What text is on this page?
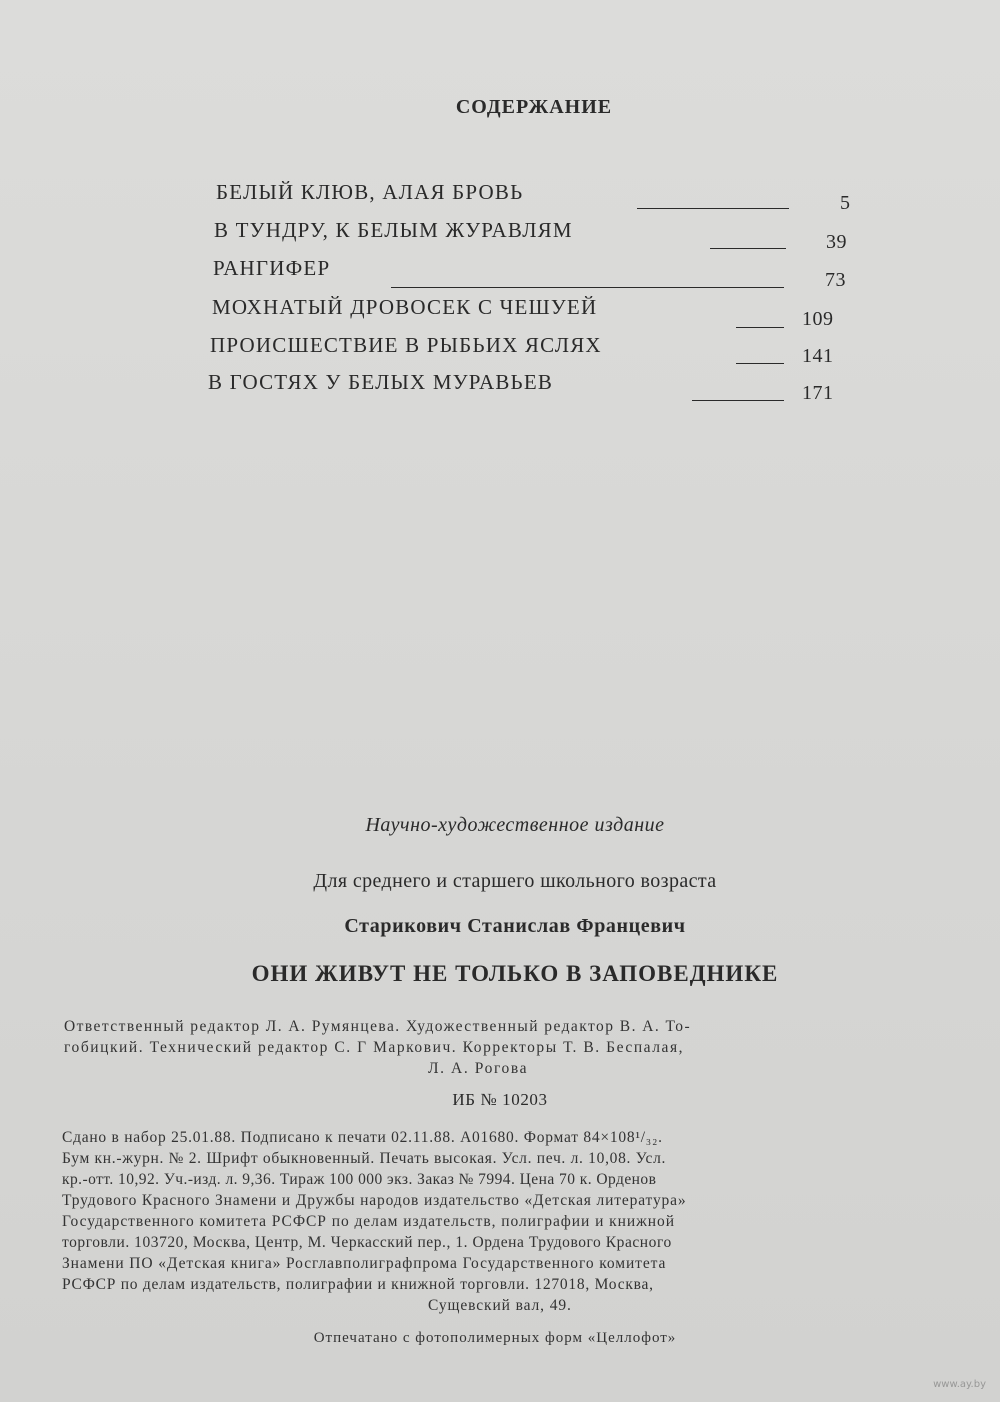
СОДЕРЖАНИЕ
БЕЛЫЙ КЛЮВ, АЛАЯ БРОВЬ	5
В ТУНДРУ, К БЕЛЫМ ЖУРАВЛЯМ	39
РАНГИФЕР	73
МОХНАТЫЙ ДРОВОСЕК С ЧЕШУЕЙ	109
ПРОИСШЕСТВИЕ В РЫБЬИХ ЯСЛЯХ	141
В ГОСТЯХ У БЕЛЫХ МУРАВЬЕВ	171
Научно-художественное издание
Для среднего и старшего школьного возраста
Старикович Станислав Францевич
ОНИ ЖИВУТ НЕ ТОЛЬКО В ЗАПОВЕДНИКЕ
Ответственный редактор Л. А. Румянцева. Художественный редактор В. А. То-
гобицкий. Технический редактор С. Г Маркович. Корректоры Т. В. Беспалая,
Л. А. Рогова
ИБ № 10203
Сдано в набор 25.01.88. Подписано к печати 02.11.88. А01680. Формат 84×108¹/₃₂.
Бум кн.-журн. № 2. Шрифт обыкновенный. Печать высокая. Усл. печ. л. 10,08. Усл.
кр.-отт. 10,92. Уч.-изд. л. 9,36. Тираж 100 000 экз. Заказ № 7994. Цена 70 к. Орденов
Трудового Красного Знамени и Дружбы народов издательство «Детская литература»
Государственного комитета РСФСР по делам издательств, полиграфии и книжной
торговли. 103720, Москва, Центр, М. Черкасский пер., 1. Ордена Трудового Красного
Знамени ПО «Детская книга» Росглавполиграфпрома Государственного комитета
РСФСР по делам издательств, полиграфии и книжной торговли. 127018, Москва,
Сущевский вал, 49.
Отпечатано с фотополимерных форм «Целлофот»
www.ay.by
